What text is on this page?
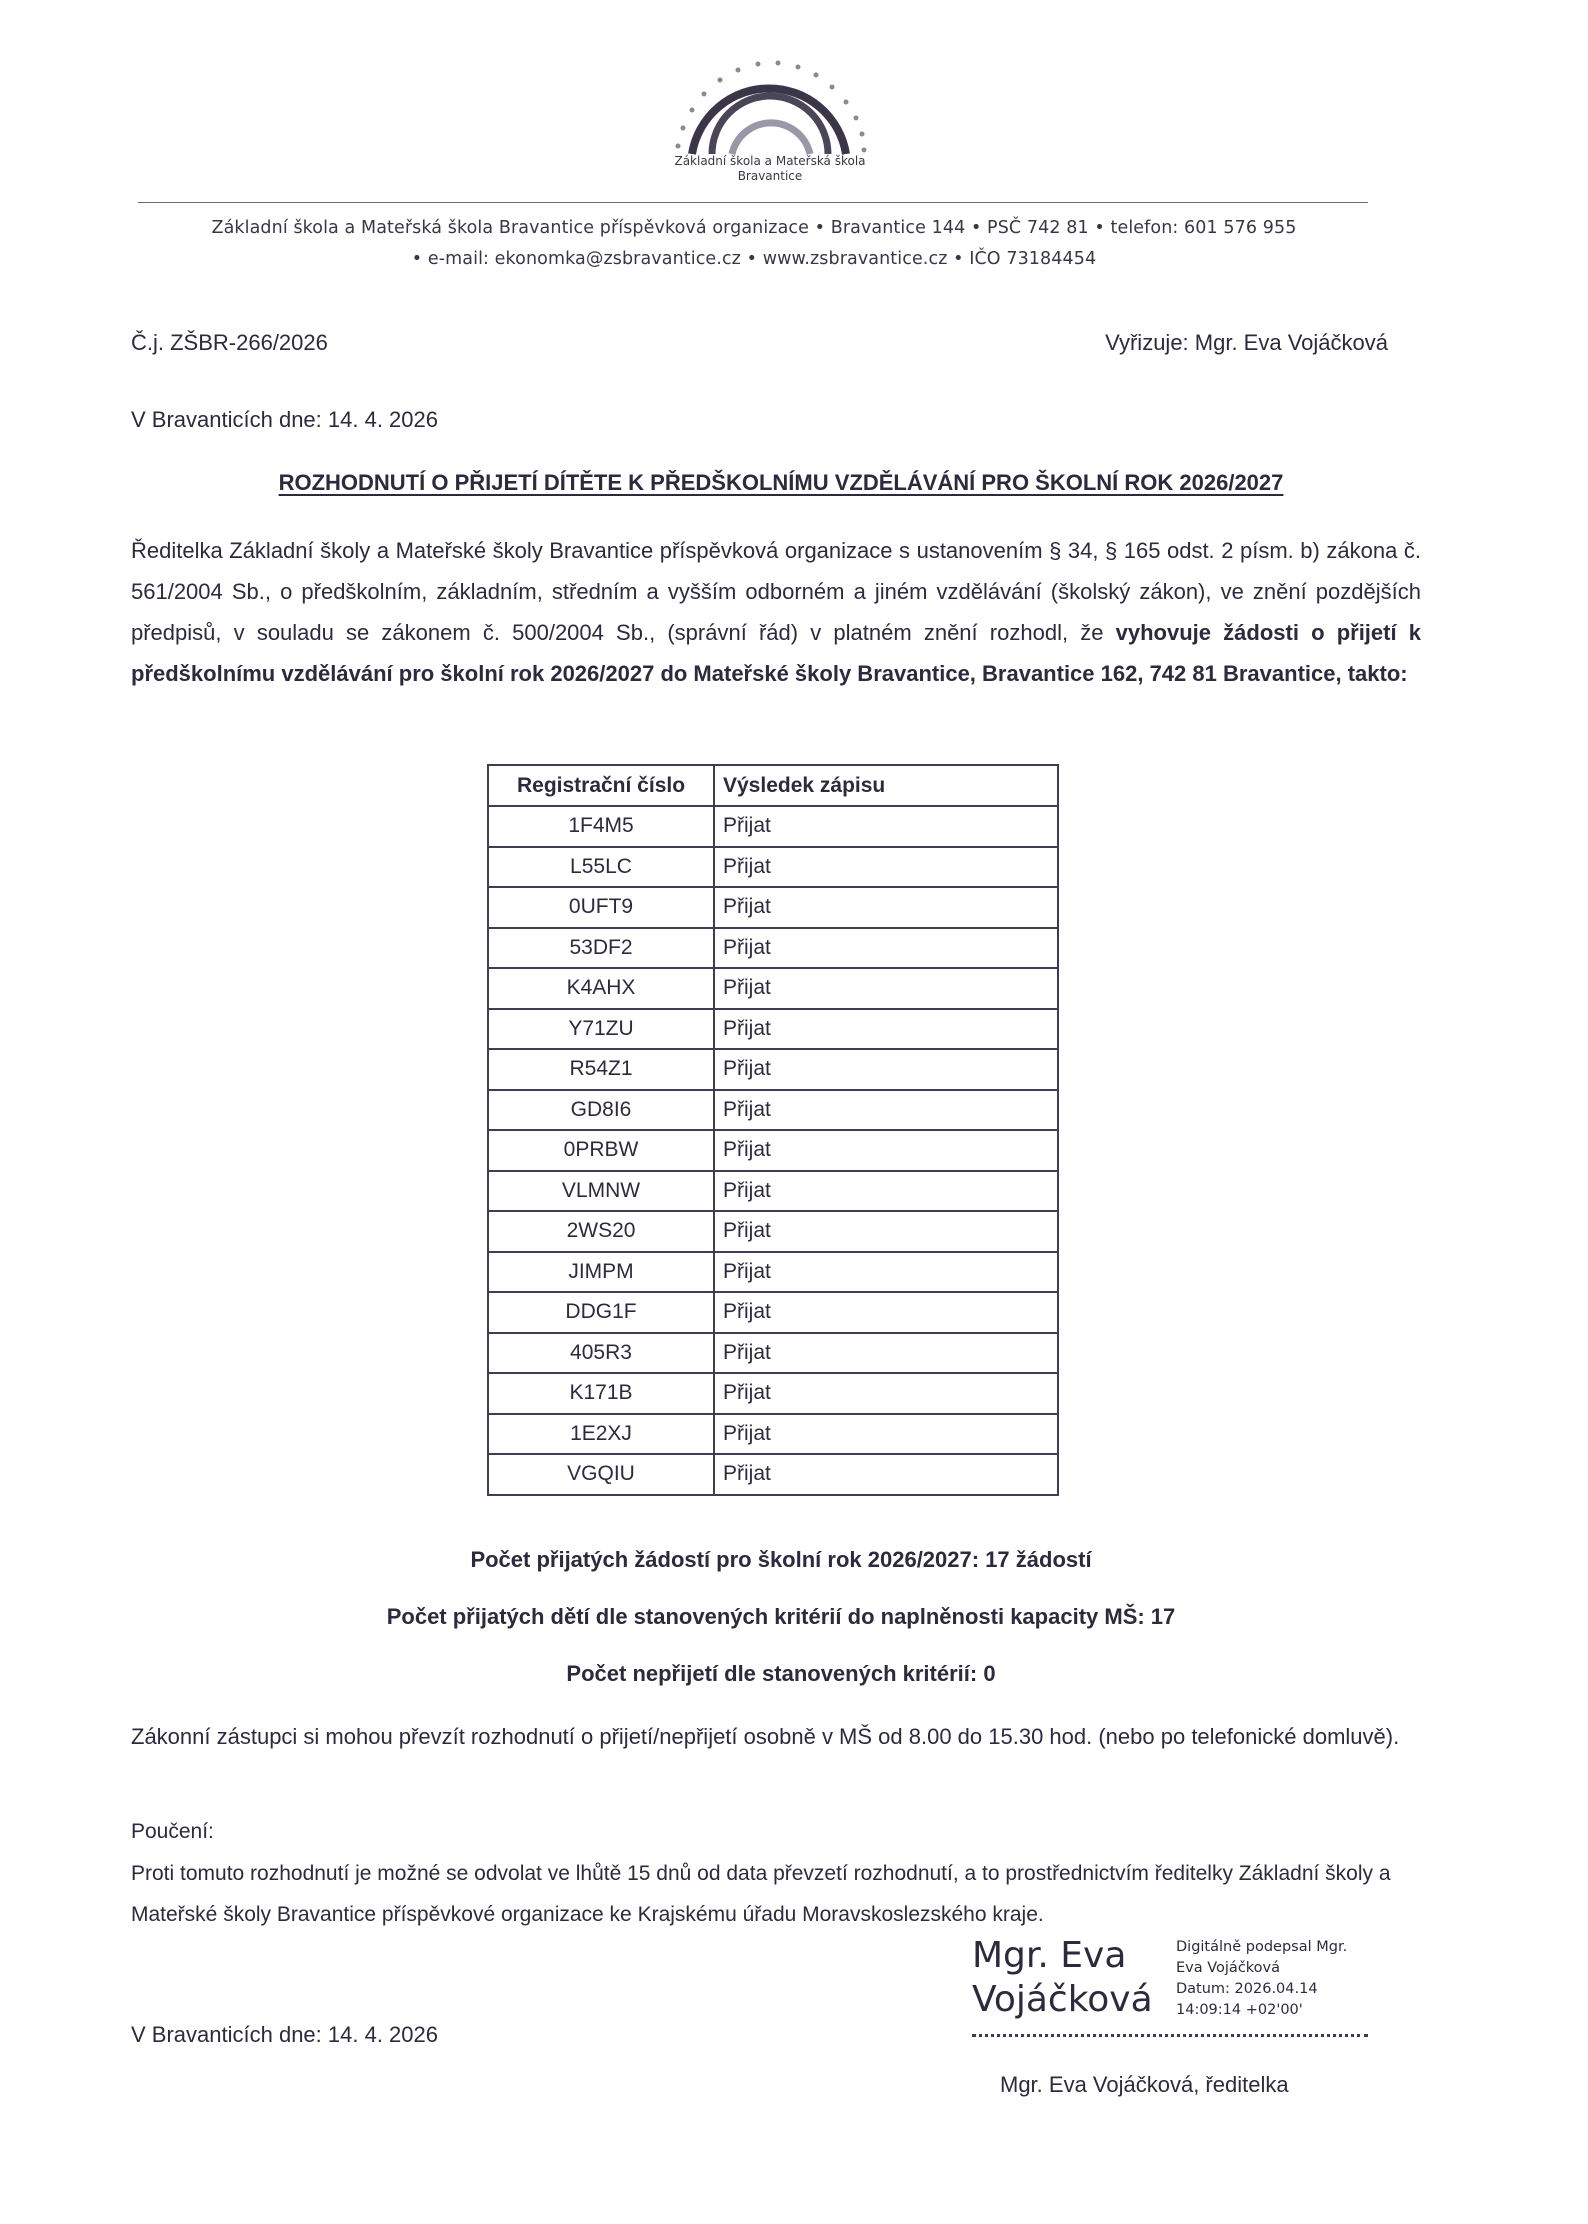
Základní škola a Mateřská škola
Bravantice
Základní škola a Mateřská škola Bravantice příspěvková organizace • Bravantice 144 • PSČ 742 81 • telefon: 601 576 955
• e-mail: ekonomka@zsbravantice.cz • www.zsbravantice.cz • IČO 73184454
Č.j. ZŠBR-266/2026	Vyřizuje: Mgr. Eva Vojáčková
V Bravanticích dne: 14. 4. 2026
ROZHODNUTÍ O PŘIJETÍ DÍTĚTE K PŘEDŠKOLNÍMU VZDĚLÁVÁNÍ PRO ŠKOLNÍ ROK 2026/2027
Ředitelka Základní školy a Mateřské školy Bravantice příspěvková organizace s ustanovením § 34, § 165 odst. 2 písm. b) zákona č. 561/2004 Sb., o předškolním, základním, středním a vyšším odborném a jiném vzdělávání (školský zákon), ve znění pozdějších předpisů, v souladu se zákonem č. 500/2004 Sb., (správní řád) v platném znění rozhodl, že vyhovuje žádosti o přijetí k předškolnímu vzdělávání pro školní rok 2026/2027 do Mateřské školy Bravantice, Bravantice 162, 742 81 Bravantice, takto:
Registrační číslo	Výsledek zápisu
1F4M5	Přijat
L55LC	Přijat
0UFT9	Přijat
53DF2	Přijat
K4AHX	Přijat
Y71ZU	Přijat
R54Z1	Přijat
GD8I6	Přijat
0PRBW	Přijat
VLMNW	Přijat
2WS20	Přijat
JIMPM	Přijat
DDG1F	Přijat
405R3	Přijat
K171B	Přijat
1E2XJ	Přijat
VGQIU	Přijat
Počet přijatých žádostí pro školní rok 2026/2027: 17 žádostí
Počet přijatých dětí dle stanovených kritérií do naplněnosti kapacity MŠ: 17
Počet nepřijetí dle stanovených kritérií: 0
Zákonní zástupci si mohou převzít rozhodnutí o přijetí/nepřijetí osobně v MŠ od 8.00 do 15.30 hod. (nebo po telefonické domluvě).
Poučení:
Proti tomuto rozhodnutí je možné se odvolat ve lhůtě 15 dnů od data převzetí rozhodnutí, a to prostřednictvím ředitelky Základní školy a Mateřské školy Bravantice příspěvkové organizace ke Krajskému úřadu Moravskoslezského kraje.
Mgr. Eva
Vojáčková
Digitálně podepsal Mgr.
Eva Vojáčková
Datum: 2026.04.14
14:09:14 +02'00'
V Bravanticích dne: 14. 4. 2026
Mgr. Eva Vojáčková, ředitelka
